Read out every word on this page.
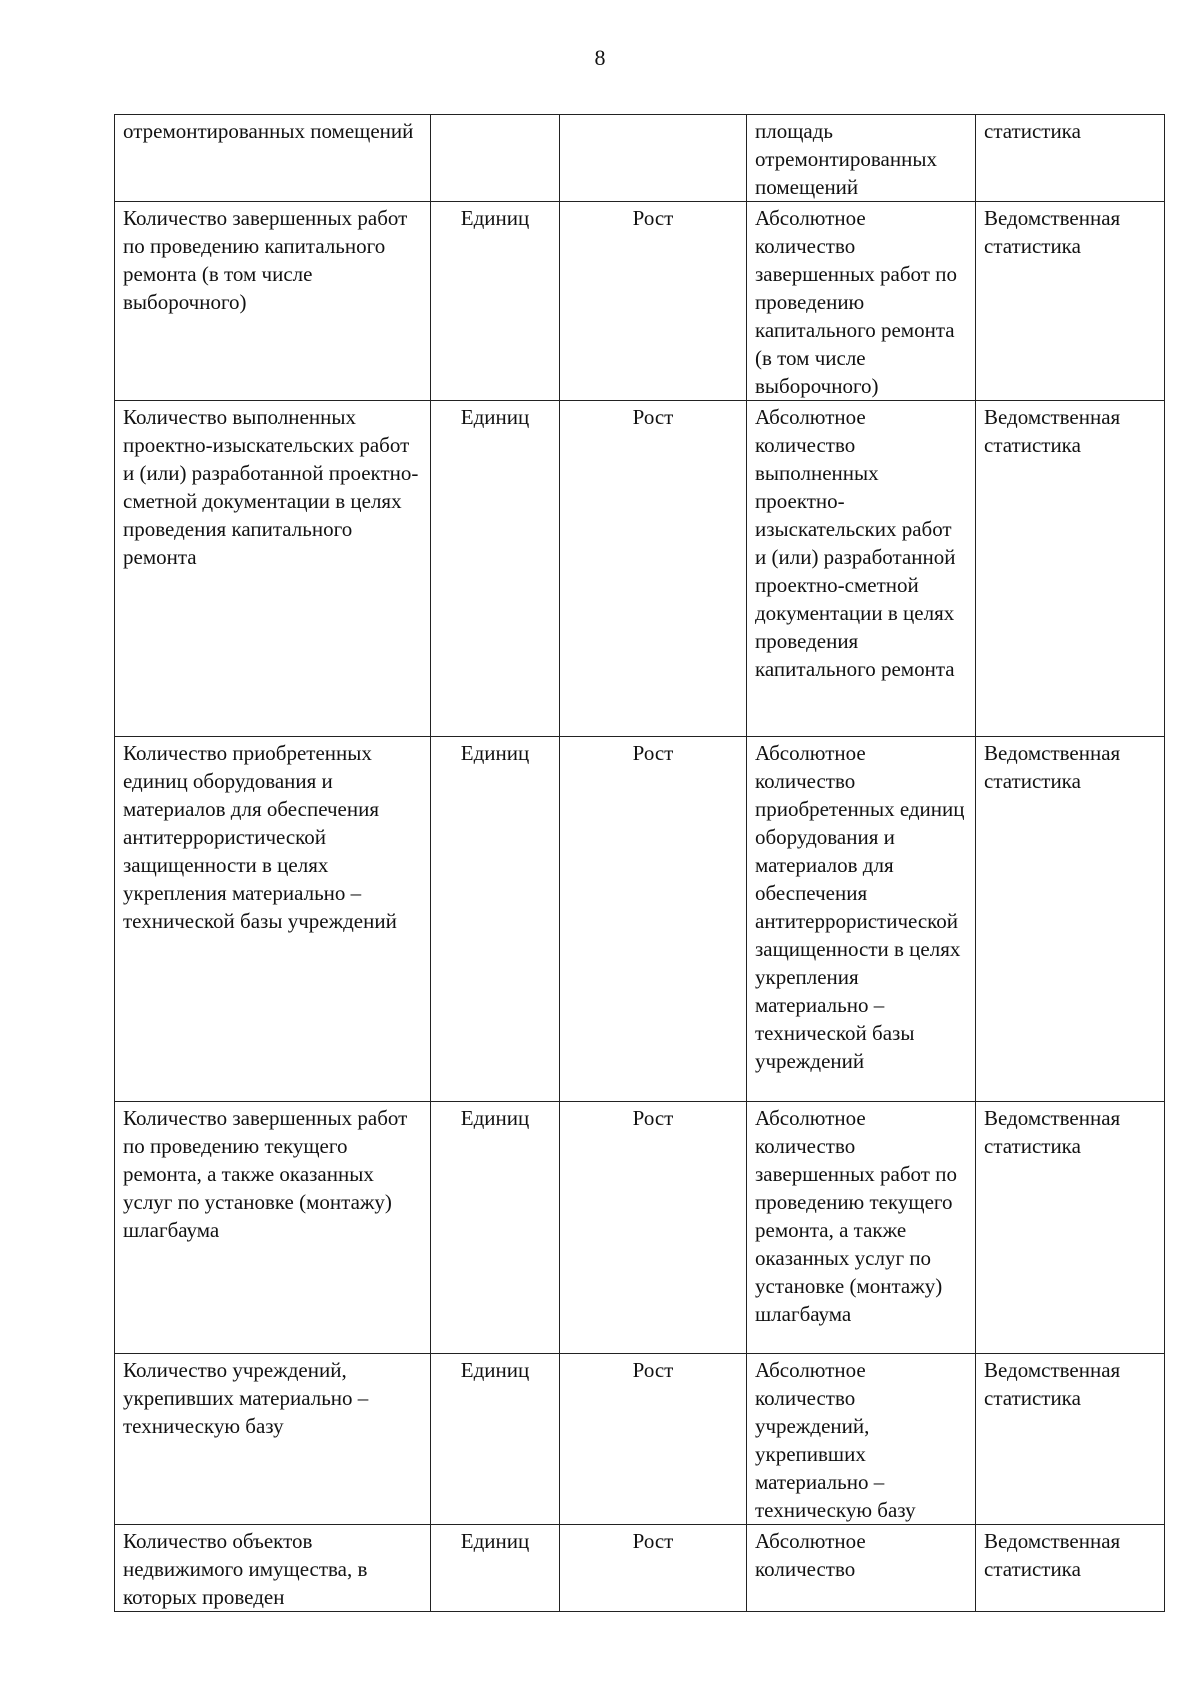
8
отремонтированных помещений			площадь отремонтированных помещений	статистика
Количество завершенных работ по проведению капитального ремонта (в том числе выборочного)	Единиц	Рост	Абсолютное количество завершенных работ по проведению капитального ремонта (в том числе выборочного)	Ведомственная статистика
Количество выполненных проектно-изыскательских работ и (или) разработанной проектно-сметной документации в целях проведения капитального ремонта	Единиц	Рост	Абсолютное количество выполненных проектно-изыскательских работ и (или) разработанной проектно-сметной документации в целях проведения капитального ремонта	Ведомственная статистика
Количество приобретенных единиц оборудования и материалов для обеспечения антитеррористической защищенности в целях укрепления материально – технической базы учреждений	Единиц	Рост	Абсолютное количество приобретенных единиц оборудования и материалов для обеспечения антитеррористической защищенности в целях укрепления материально – технической базы учреждений	Ведомственная статистика
Количество завершенных работ по проведению текущего ремонта, а также оказанных услуг по установке (монтажу) шлагбаума	Единиц	Рост	Абсолютное количество завершенных работ по проведению текущего ремонта, а также оказанных услуг по установке (монтажу) шлагбаума	Ведомственная статистика
Количество учреждений, укрепивших материально – техническую базу	Единиц	Рост	Абсолютное количество учреждений, укрепивших материально – техническую базу	Ведомственная статистика
Количество объектов недвижимого имущества, в которых проведен	Единиц	Рост	Абсолютное количество	Ведомственная статистика
